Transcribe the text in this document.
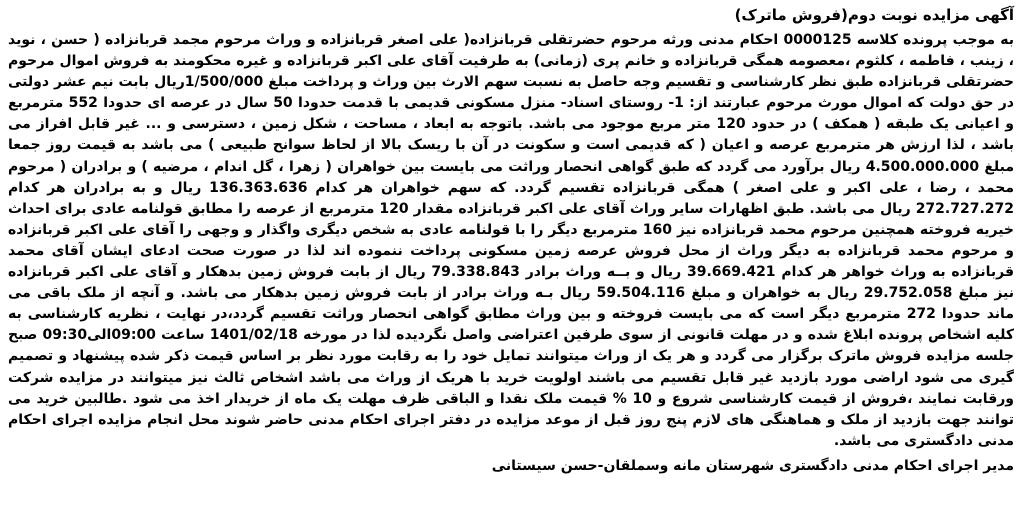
آگهی مزایده نوبت دوم(فروش ماترک)

به موجب پرونده کلاسه 0000125 احکام مدنی ورثه مرحوم حضرتقلی قربانزاده( علی اصغر قربانزاده و وراث مرحوم مجمد قربانزاده ( حسن ، نوید ، زینب ، فاطمه ، کلثوم ،معصومه همگی قربانزاده و خانم پری (زمانی) به طرفیت آقای علی اکبر قربانزاده و غیره محکومند به فروش اموال مرحوم حضرتقلی قربانزاده طبق نظر کارشناسی و تقسیم وجه حاصل به نسبت سهم الارث بین وراث و پرداخت مبلغ 1/500/000ریال بابت نیم عشر دولتی در حق دولت که اموال مورث مرحوم عبارتند از: 1- روستای اسناد- منزل مسکونی قدیمی با قدمت حدودا 50 سال در عرصه ای حدودا 552 مترمربع و اعیانی یک طبقه ( همکف ) در حدود 120 متر مربع موجود می باشد. باتوجه به ابعاد ، مساحت ، شکل زمین ، دسترسی و ... غیر قابل افراز می باشد ، لذا ارزش هر مترمربع عرصه و اعیان ( که قدیمی است و سکونت در آن با ریسک بالا از لحاظ سوانح طبیعی ) می باشد به قیمت روز جمعا مبلغ 4.500.000.000 ریال برآورد می گردد که طبق گواهی انحصار وراثت می بایست بین خواهران ( زهرا ، گل اندام ، مرضیه ) و برادران ( مرحوم محمد ، رضا ، علی اکبر و علی اصغر ) همگی قربانزاده تقسیم گردد. که سهم خواهران هر کدام 136.363.636 ریال و به برادران هر کدام 272.727.272 ریال می باشد. طبق اظهارات سایر وراث آقای علی اکبر قربانزاده مقدار 120 مترمربع از عرصه را مطابق قولنامه عادی برای احداث خیریه فروخته همچنین مرحوم محمد قربانزاده نیز 160 مترمربع دیگر را با قولنامه عادی به شخص دیگری واگذار و وجهی را آقای علی اکبر قربانزاده و مرحوم محمد قربانزاده به دیگر وراث از محل فروش عرصه زمین مسکونی پرداخت ننموده اند لذا در صورت صحت ادعای ایشان آقای محمد قربانزاده به وراث خواهر هر کدام 39.669.421 ریال و بــه وراث برادر 79.338.843 ریال از بابت فروش زمین بدهکار و آقای علی اکبر قربانزاده نیز مبلغ 29.752.058 ریال به خواهران و مبلغ 59.504.116 ریال بـه وراث برادر از بابت فروش زمین بدهکار می باشد. و آنچه از ملک باقی می ماند حدودا 272 مترمربع دیگر است که می بایست فروخته و بین وراث مطابق گواهی انحصار وراثت تقسیم گردد،در نهایت ، نظریه کارشناسی به کلیه اشخاص پرونده ابلاغ شده و در مهلت قانونی از سوی طرفین اعتراضی واصل نگردیده لذا در مورخه 1401/02/18 ساعت 09:00الی09:30 صبح جلسه مزایده فروش ماترک برگزار می گردد و هر یک از وراث میتوانند تمایل خود را به رقابت مورد نظر بر اساس قیمت ذکر شده پیشنهاد و تصمیم گیری می شود اراضی مورد بازدید غیر قابل تقسیم می باشند اولویت خرید با هریک از وراث می باشد اشخاص ثالث نیز میتوانند در مزایده شرکت ورقابت نمایند ،فروش از قیمت کارشناسی شروع و 10 % قیمت ملک نقدا و الباقی ظرف مهلت یک ماه از خریدار اخذ می شود .طالبین خرید می توانند جهت بازدید از ملک و هماهنگی های لازم پنج روز قبل از موعد مزایده در دفتر اجرای احکام مدنی حاضر شوند محل انجام مزایده اجرای احکام مدنی دادگستری می باشد.

مدیر اجرای احکام مدنی دادگستری شهرستان مانه وسملقان-حسن سیستانی
